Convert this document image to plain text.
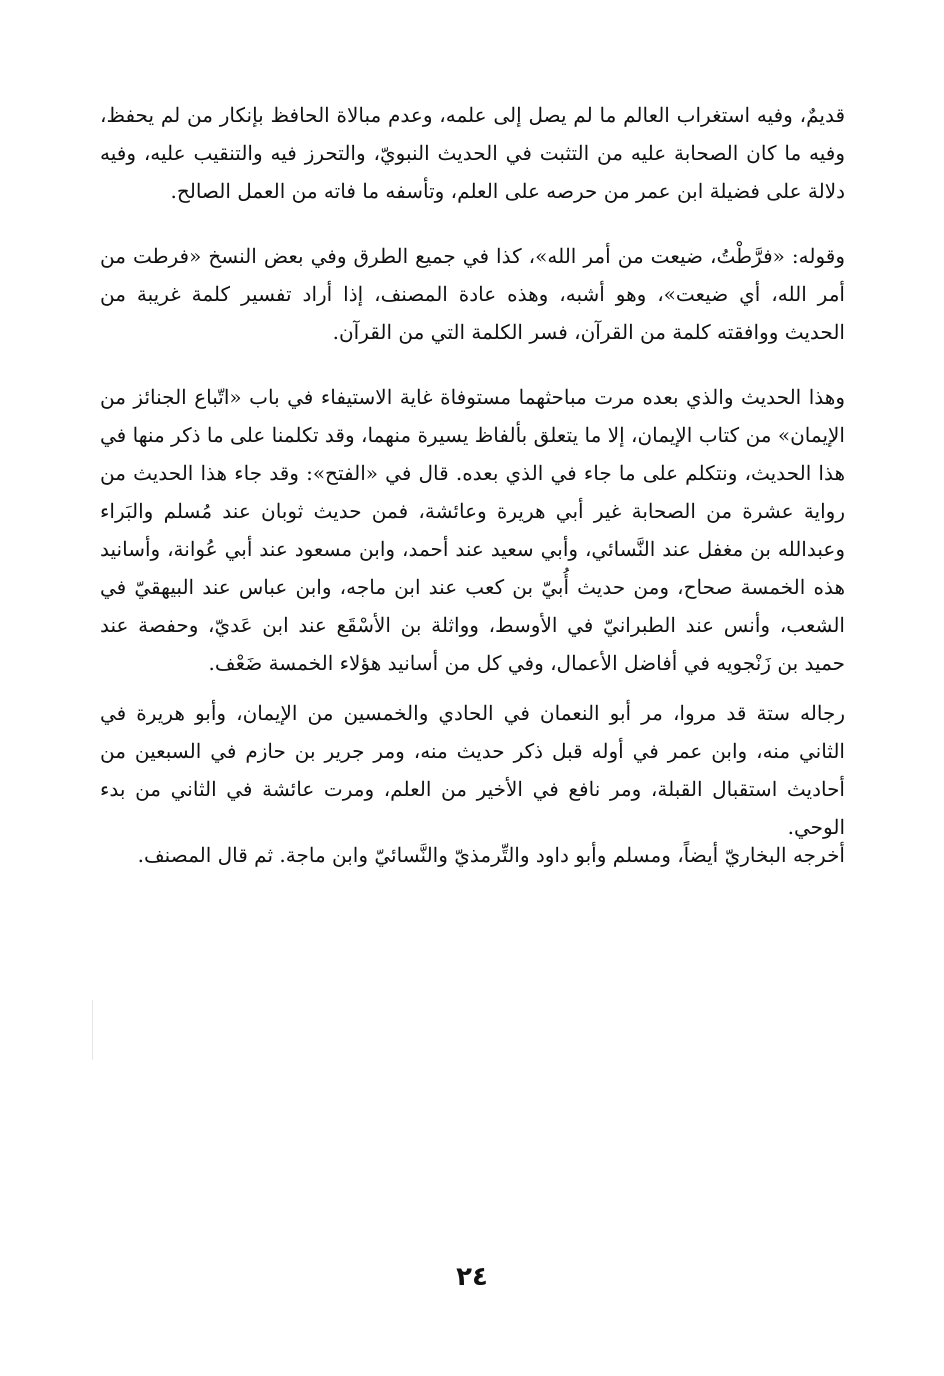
قديمٌ، وفيه استغراب العالم ما لم يصل إلى علمه، وعدم مبالاة الحافظ بإنكار من لم يحفظ، وفيه ما كان الصحابة عليه من التثبت في الحديث النبويّ، والتحرز فيه والتنقيب عليه، وفيه دلالة على فضيلة ابن عمر من حرصه على العلم، وتأسفه ما فاته من العمل الصالح.

وقوله: «فرَّطْتُ، ضيعت من أمر الله»، كذا في جميع الطرق وفي بعض النسخ «فرطت من أمر الله، أي ضيعت»، وهو أشبه، وهذه عادة المصنف، إذا أراد تفسير كلمة غريبة من الحديث ووافقته كلمة من القرآن، فسر الكلمة التي من القرآن.

وهذا الحديث والذي بعده مرت مباحثهما مستوفاة غاية الاستيفاء في باب «اتّباع الجنائز من الإيمان» من كتاب الإيمان، إلا ما يتعلق بألفاظ يسيرة منهما، وقد تكلمنا على ما ذكر منها في هذا الحديث، ونتكلم على ما جاء في الذي بعده. قال في «الفتح»: وقد جاء هذا الحديث من رواية عشرة من الصحابة غير أبي هريرة وعائشة، فمن حديث ثوبان عند مُسلم والبَراء وعبدالله بن مغفل عند النَّسائي، وأبي سعيد عند أحمد، وابن مسعود عند أبي عُوانة، وأسانيد هذه الخمسة صحاح، ومن حديث أُبيّ بن كعب عند ابن ماجه، وابن عباس عند البيهقيّ في الشعب، وأنس عند الطبرانيّ في الأوسط، وواثلة بن الأسْقَع عند ابن عَديّ، وحفصة عند حميد بن زَنْجويه في أفاضل الأعمال، وفي كل من أسانيد هؤلاء الخمسة ضَعْف.

رجاله ستة قد مروا، مر أبو النعمان في الحادي والخمسين من الإيمان، وأبو هريرة في الثاني منه، وابن عمر في أوله قبل ذكر حديث منه، ومر جرير بن حازم في السبعين من أحاديث استقبال القبلة، ومر نافع في الأخير من العلم، ومرت عائشة في الثاني من بدء الوحي.

أخرجه البخاريّ أيضاً، ومسلم وأبو داود والتِّرمذيّ والنَّسائيّ وابن ماجة. ثم قال المصنف.

٢٤
